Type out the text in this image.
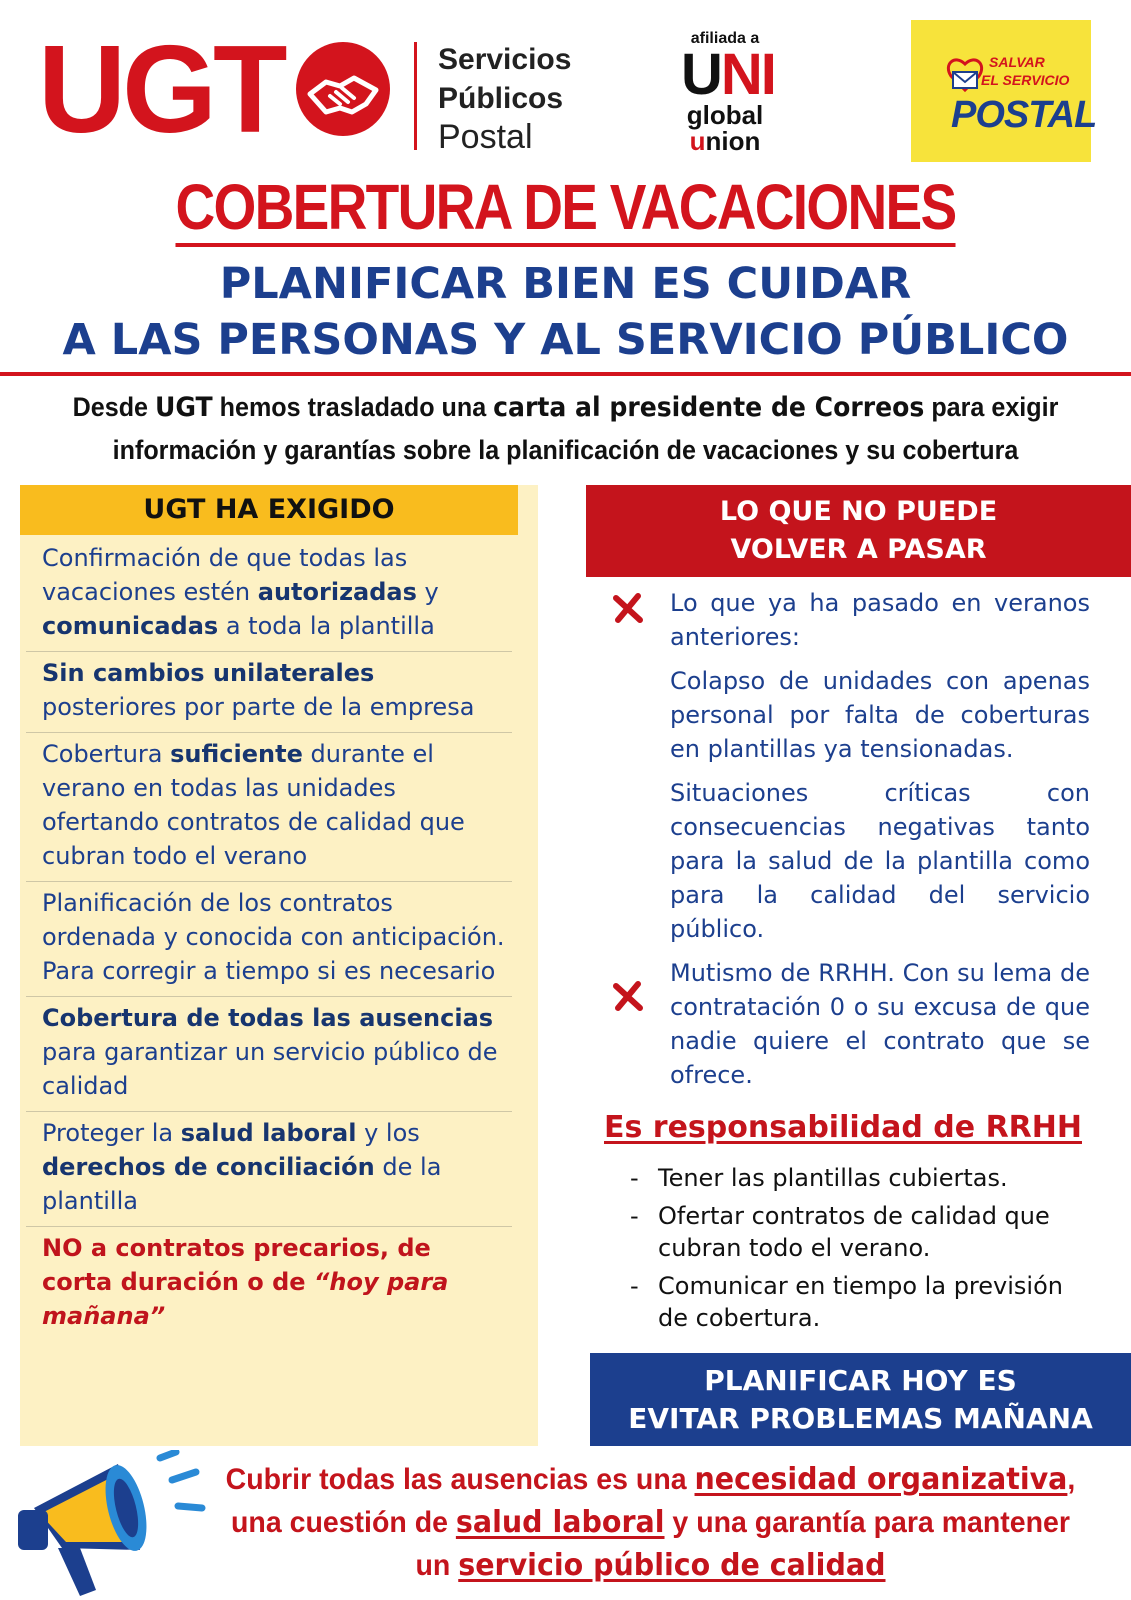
UGT	Servicios
Públicos
Postal
afiliada a
UNI
global
union
SALVAR
EL SERVICIO
POSTAL
COBERTURA DE VACACIONES
PLANIFICAR BIEN ES CUIDAR
A LAS PERSONAS Y AL SERVICIO PÚBLICO
Desde UGT hemos trasladado una carta al presidente de Correos para exigir
información y garantías sobre la planificación de vacaciones y su cobertura
UGT HA EXIGIDO
Confirmación de que todas las vacaciones estén autorizadas y comunicadas a toda la plantilla
Sin cambios unilaterales posteriores por parte de la empresa
Cobertura suficiente durante el verano en todas las unidades ofertando contratos de calidad que cubran todo el verano
Planificación de los contratos ordenada y conocida con anticipación. Para corregir a tiempo si es necesario
Cobertura de todas las ausencias para garantizar un servicio público de calidad
Proteger la salud laboral y los derechos de conciliación de la plantilla
NO a contratos precarios, de corta duración o de “hoy para mañana”
LO QUE NO PUEDE
VOLVER A PASAR
Lo que ya ha pasado en veranos anteriores:
Colapso de unidades con apenas personal por falta de coberturas en plantillas ya tensionadas.
Situaciones críticas con consecuencias negativas tanto para la salud de la plantilla como para la calidad del servicio público.
Mutismo de RRHH. Con su lema de contratación 0 o su excusa de que nadie quiere el contrato que se ofrece.
Es responsabilidad de RRHH
- Tener las plantillas cubiertas.
- Ofertar contratos de calidad que cubran todo el verano.
- Comunicar en tiempo la previsión de cobertura.
PLANIFICAR HOY ES
EVITAR PROBLEMAS MAÑANA
Cubrir todas las ausencias es una necesidad organizativa, una cuestión de salud laboral y una garantía para mantener un servicio público de calidad
